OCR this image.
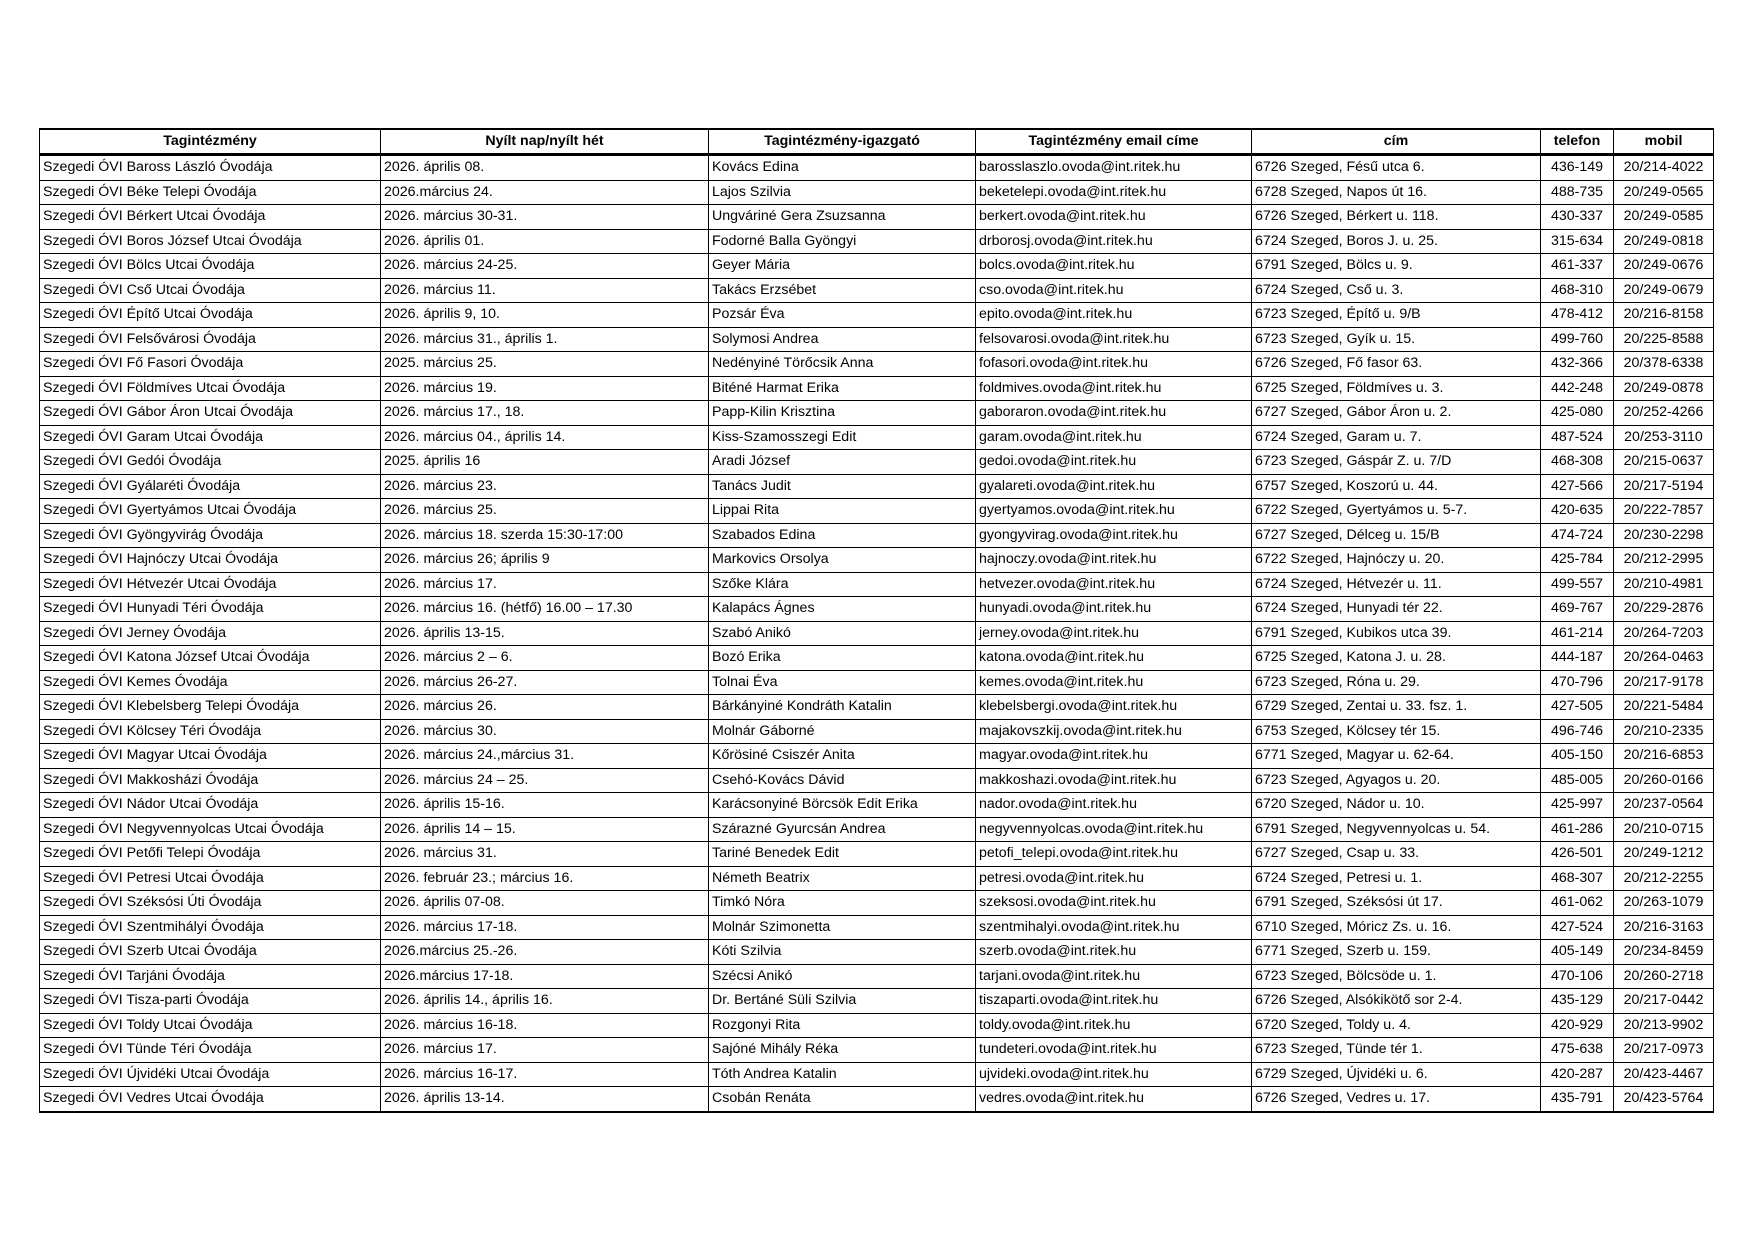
Tagintézmény	Nyílt nap/nyílt hét	Tagintézmény-igazgató	Tagintézmény email címe	cím	telefon	mobil
Szegedi ÓVI Baross László Óvodája	2026. április 08.	Kovács Edina	barosslaszlo.ovoda@int.ritek.hu	6726 Szeged, Fésű utca 6.	436-149	20/214-4022
Szegedi ÓVI Béke Telepi Óvodája	2026.március 24.	Lajos Szilvia	beketelepi.ovoda@int.ritek.hu	6728 Szeged, Napos út 16.	488-735	20/249-0565
Szegedi ÓVI Bérkert Utcai Óvodája	2026. március 30-31.	Ungváriné Gera Zsuzsanna	berkert.ovoda@int.ritek.hu	6726 Szeged, Bérkert u. 118.	430-337	20/249-0585
Szegedi ÓVI Boros József Utcai Óvodája	2026. április 01.	Fodorné Balla Gyöngyi	drborosj.ovoda@int.ritek.hu	6724 Szeged, Boros J. u. 25.	315-634	20/249-0818
Szegedi ÓVI Bölcs Utcai Óvodája	2026. március 24-25.	Geyer Mária	bolcs.ovoda@int.ritek.hu	6791 Szeged, Bölcs u. 9.	461-337	20/249-0676
Szegedi ÓVI Cső Utcai Óvodája	2026. március 11.	Takács Erzsébet	cso.ovoda@int.ritek.hu	6724 Szeged, Cső u. 3.	468-310	20/249-0679
Szegedi ÓVI Építő Utcai Óvodája	2026. április 9, 10.	Pozsár Éva	epito.ovoda@int.ritek.hu	6723 Szeged, Építő u. 9/B	478-412	20/216-8158
Szegedi ÓVI Felsővárosi Óvodája	2026. március 31., április 1.	Solymosi Andrea	felsovarosi.ovoda@int.ritek.hu	6723 Szeged, Gyík u. 15.	499-760	20/225-8588
Szegedi ÓVI Fő Fasori Óvodája	2025. március 25.	Nedényiné Törőcsik Anna	fofasori.ovoda@int.ritek.hu	6726 Szeged, Fő fasor 63.	432-366	20/378-6338
Szegedi ÓVI Földmíves Utcai Óvodája	2026. március 19.	Biténé Harmat Erika	foldmives.ovoda@int.ritek.hu	6725 Szeged, Földmíves u. 3.	442-248	20/249-0878
Szegedi ÓVI Gábor Áron Utcai Óvodája	2026. március 17., 18.	Papp-Kilin Krisztina	gaboraron.ovoda@int.ritek.hu	6727 Szeged, Gábor Áron u. 2.	425-080	20/252-4266
Szegedi ÓVI Garam Utcai Óvodája	2026. március 04., április 14.	Kiss-Szamosszegi Edit	garam.ovoda@int.ritek.hu	6724 Szeged, Garam u. 7.	487-524	20/253-3110
Szegedi ÓVI Gedói Óvodája	2025. április 16	Aradi József	gedoi.ovoda@int.ritek.hu	6723 Szeged, Gáspár Z. u. 7/D	468-308	20/215-0637
Szegedi ÓVI Gyálaréti Óvodája	2026. március 23.	Tanács Judit	gyalareti.ovoda@int.ritek.hu	6757 Szeged, Koszorú u. 44.	427-566	20/217-5194
Szegedi ÓVI Gyertyámos Utcai Óvodája	2026. március 25.	Lippai Rita	gyertyamos.ovoda@int.ritek.hu	6722 Szeged, Gyertyámos u. 5-7.	420-635	20/222-7857
Szegedi ÓVI Gyöngyvirág Óvodája	2026. március 18. szerda 15:30-17:00	Szabados Edina	gyongyvirag.ovoda@int.ritek.hu	6727 Szeged, Délceg u. 15/B	474-724	20/230-2298
Szegedi ÓVI Hajnóczy Utcai Óvodája	2026. március 26; április 9	Markovics Orsolya	hajnoczy.ovoda@int.ritek.hu	6722 Szeged, Hajnóczy u. 20.	425-784	20/212-2995
Szegedi ÓVI Hétvezér Utcai Óvodája	2026. március 17.	Szőke Klára	hetvezer.ovoda@int.ritek.hu	6724 Szeged, Hétvezér u. 11.	499-557	20/210-4981
Szegedi ÓVI Hunyadi Téri Óvodája	2026. március 16. (hétfő) 16.00 – 17.30	Kalapács Ágnes	hunyadi.ovoda@int.ritek.hu	6724 Szeged, Hunyadi tér 22.	469-767	20/229-2876
Szegedi ÓVI Jerney Óvodája	2026. április 13-15.	Szabó Anikó	jerney.ovoda@int.ritek.hu	6791 Szeged, Kubikos utca 39.	461-214	20/264-7203
Szegedi ÓVI Katona József Utcai Óvodája	2026. március 2 – 6.	Bozó Erika	katona.ovoda@int.ritek.hu	6725 Szeged, Katona J. u. 28.	444-187	20/264-0463
Szegedi ÓVI Kemes Óvodája	2026. március 26-27.	Tolnai Éva	kemes.ovoda@int.ritek.hu	6723 Szeged, Róna u. 29.	470-796	20/217-9178
Szegedi ÓVI Klebelsberg Telepi Óvodája	2026. március 26.	Bárkányiné Kondráth Katalin	klebelsbergi.ovoda@int.ritek.hu	6729 Szeged, Zentai u. 33. fsz. 1.	427-505	20/221-5484
Szegedi ÓVI Kölcsey Téri Óvodája	2026. március 30.	Molnár Gáborné	majakovszkij.ovoda@int.ritek.hu	6753 Szeged, Kölcsey tér 15.	496-746	20/210-2335
Szegedi ÓVI Magyar Utcai Óvodája	2026. március 24.,március 31.	Kőrösiné Csiszér Anita	magyar.ovoda@int.ritek.hu	6771 Szeged, Magyar u. 62-64.	405-150	20/216-6853
Szegedi ÓVI Makkosházi Óvodája	2026. március 24 – 25.	Csehó-Kovács Dávid	makkoshazi.ovoda@int.ritek.hu	6723 Szeged, Agyagos u. 20.	485-005	20/260-0166
Szegedi ÓVI Nádor Utcai Óvodája	2026. április 15-16.	Karácsonyiné Börcsök Edit Erika	nador.ovoda@int.ritek.hu	6720 Szeged, Nádor u. 10.	425-997	20/237-0564
Szegedi ÓVI Negyvennyolcas Utcai Óvodája	2026. április 14 – 15.	Szárazné Gyurcsán Andrea	negyvennyolcas.ovoda@int.ritek.hu	6791 Szeged, Negyvennyolcas u. 54.	461-286	20/210-0715
Szegedi ÓVI Petőfi Telepi Óvodája	2026. március 31.	Tariné Benedek Edit	petofi_telepi.ovoda@int.ritek.hu	6727 Szeged, Csap u. 33.	426-501	20/249-1212
Szegedi ÓVI Petresi Utcai Óvodája	2026. február 23.; március 16.	Németh Beatrix	petresi.ovoda@int.ritek.hu	6724 Szeged, Petresi u. 1.	468-307	20/212-2255
Szegedi ÓVI Széksósi Úti Óvodája	2026. április 07-08.	Timkó Nóra	szeksosi.ovoda@int.ritek.hu	6791 Szeged, Széksósi út 17.	461-062	20/263-1079
Szegedi ÓVI Szentmihályi Óvodája	2026. március 17-18.	Molnár Szimonetta	szentmihalyi.ovoda@int.ritek.hu	6710 Szeged, Móricz Zs. u. 16.	427-524	20/216-3163
Szegedi ÓVI Szerb Utcai Óvodája	2026.március 25.-26.	Kóti Szilvia	szerb.ovoda@int.ritek.hu	6771 Szeged, Szerb u. 159.	405-149	20/234-8459
Szegedi ÓVI Tarjáni Óvodája	2026.március 17-18.	Szécsi Anikó	tarjani.ovoda@int.ritek.hu	6723 Szeged, Bölcsöde u. 1.	470-106	20/260-2718
Szegedi ÓVI Tisza-parti Óvodája	2026. április 14., április 16.	Dr. Bertáné Süli Szilvia	tiszaparti.ovoda@int.ritek.hu	6726 Szeged, Alsókikötő sor 2-4.	435-129	20/217-0442
Szegedi ÓVI Toldy Utcai Óvodája	2026. március 16-18.	Rozgonyi Rita	toldy.ovoda@int.ritek.hu	6720 Szeged, Toldy u. 4.	420-929	20/213-9902
Szegedi ÓVI Tünde Téri Óvodája	2026. március 17.	Sajóné Mihály Réka	tundeteri.ovoda@int.ritek.hu	6723 Szeged, Tünde tér 1.	475-638	20/217-0973
Szegedi ÓVI Újvidéki Utcai Óvodája	2026. március 16-17.	Tóth Andrea Katalin	ujvideki.ovoda@int.ritek.hu	6729 Szeged, Újvidéki u. 6.	420-287	20/423-4467
Szegedi ÓVI Vedres Utcai Óvodája	2026. április 13-14.	Csobán Renáta	vedres.ovoda@int.ritek.hu	6726 Szeged, Vedres u. 17.	435-791	20/423-5764
